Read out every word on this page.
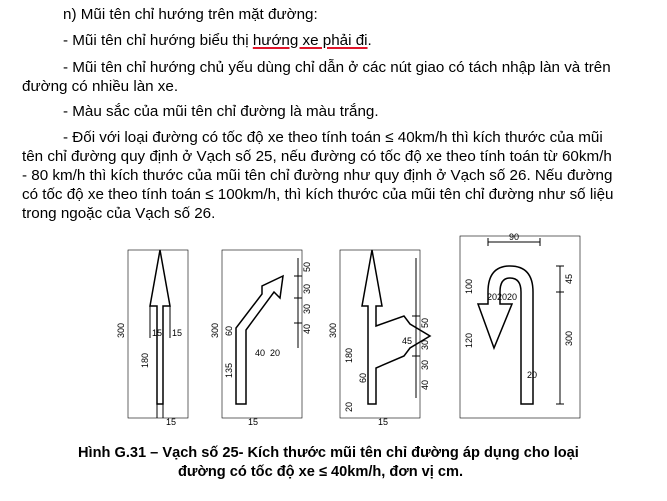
n) Mũi tên chỉ hướng trên mặt đường:
- Mũi tên chỉ hướng biểu thị hướng xe phải đi.
- Mũi tên chỉ hướng chủ yếu dùng chỉ dẫn ở các nút giao có tách nhập làn và trên
đường có nhiều làn xe.
- Màu sắc của mũi tên chỉ đường là màu trắng.
- Đối với loại đường có tốc độ xe theo tính toán ≤ 40km/h thì kích thước của mũi
tên chỉ đường quy định ở Vạch số 25, nếu đường có tốc độ xe theo tính toán từ 60km/h
- 80 km/h thì kích thước của mũi tên chỉ đường như quy định ở Vạch số 26. Nếu đường
có tốc độ xe theo tính toán ≤ 100km/h, thì kích thước của mũi tên chỉ đường như số liệu
trong ngoặc của Vạch số 26.
300	15 15
180
15
300 60
135
40 20
50
30
30
40
15
300
180
60
20
45
50
30
30
40
15
90
45
100
20 20 20
120	300
20
Hình G.31 – Vạch số 25- Kích thước mũi tên chỉ đường áp dụng cho loại
đường có tốc độ xe ≤ 40km/h, đơn vị cm.
